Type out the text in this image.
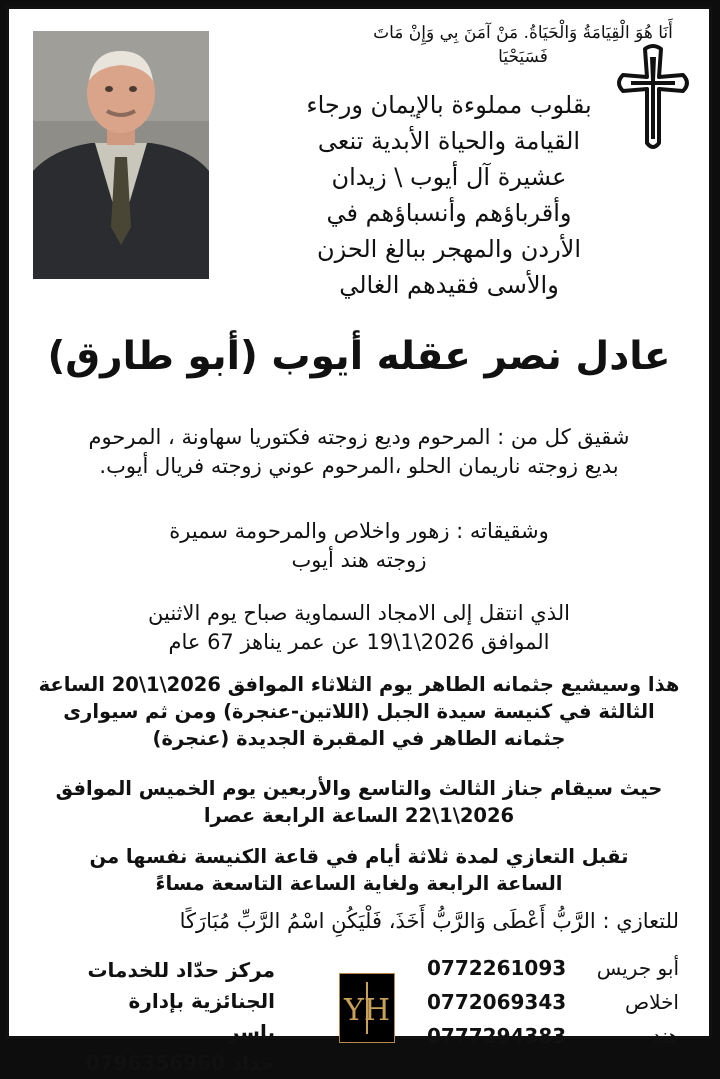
أَنَا هُوَ الْقِيَامَةُ وَالْحَيَاةُ. مَنْ آمَنَ بِي وَإِنْ مَاتَ فَسَيَحْيَا
بقلوب مملوءة بالإيمان ورجاء
القيامة والحياة الأبدية تنعى
عشيرة آل أيوب \ زيدان
وأقرباؤهم وأنسباؤهم في
الأردن والمهجر ببالغ الحزن
والأسى فقيدهم الغالي
عادل نصر عقله أيوب (أبو طارق)
شقيق كل من : المرحوم وديع زوجته فكتوريا سهاونة ، المرحوم
بديع زوجته ناريمان الحلو ،المرحوم عوني زوجته فريال أيوب.
وشقيقاته : زهور واخلاص والمرحومة سميرة
زوجته هند أيوب
الذي انتقل إلى الامجاد السماوية صباح يوم الاثنين
الموافق 2026\1\19 عن عمر يناهز 67 عام
هذا وسيشيع جثمانه الطاهر يوم الثلاثاء الموافق 2026\1\20 الساعة
الثالثة في كنيسة سيدة الجبل (اللاتين-عنجرة) ومن ثم سيوارى
جثمانه الطاهر في المقبرة الجديدة (عنجرة)
حيث سيقام جناز الثالث والتاسع والأربعين يوم الخميس الموافق
2026\1\22 الساعة الرابعة عصرا
تقبل التعازي لمدة ثلاثة أيام في قاعة الكنيسة نفسها من
الساعة الرابعة ولغاية الساعة التاسعة مساءً
للتعازي : الرَّبُّ أَعْطَى وَالرَّبُّ أَخَذَ، فَلْيَكُنِ اسْمُ الرَّبِّ مُبَارَكًا
أبو جريس
0772261093
اخلاص
0772069343
هند
0777294383
YH
مركز حدّاد للخدمات
الجنائزية بإدارة ياسر
حداد 0796356960
